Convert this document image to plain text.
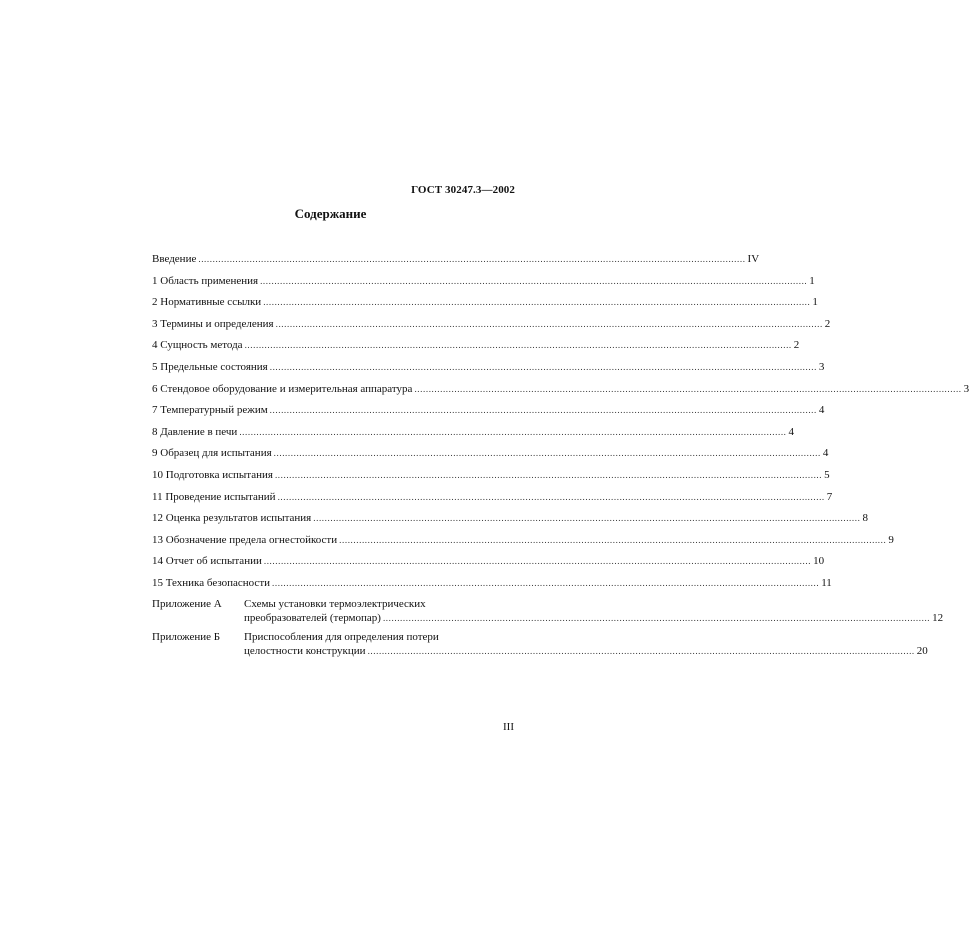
ГОСТ 30247.3—2002
Содержание
Введение .....	IV
1 Область применения .....	1
2 Нормативные ссылки .....	1
3 Термины и определения .....	2
4 Сущность метода .....	2
5 Предельные состояния .....	3
6 Стендовое оборудование и измерительная аппаратура .....	3
7 Температурный режим .....	4
8 Давление в печи .....	4
9 Образец для испытания .....	4
10 Подготовка испытания .....	5
11 Проведение испытаний .....	7
12 Оценка результатов испытания .....	8
13 Обозначение предела огнестойкости .....	9
14 Отчет об испытании .....	10
15 Техника безопасности .....	11
Приложение А	Схемы установки термоэлектрических
преобразователей (термопар) .....	12
Приложение Б	Приспособления для определения потери
целостности конструкции .....	20
III
